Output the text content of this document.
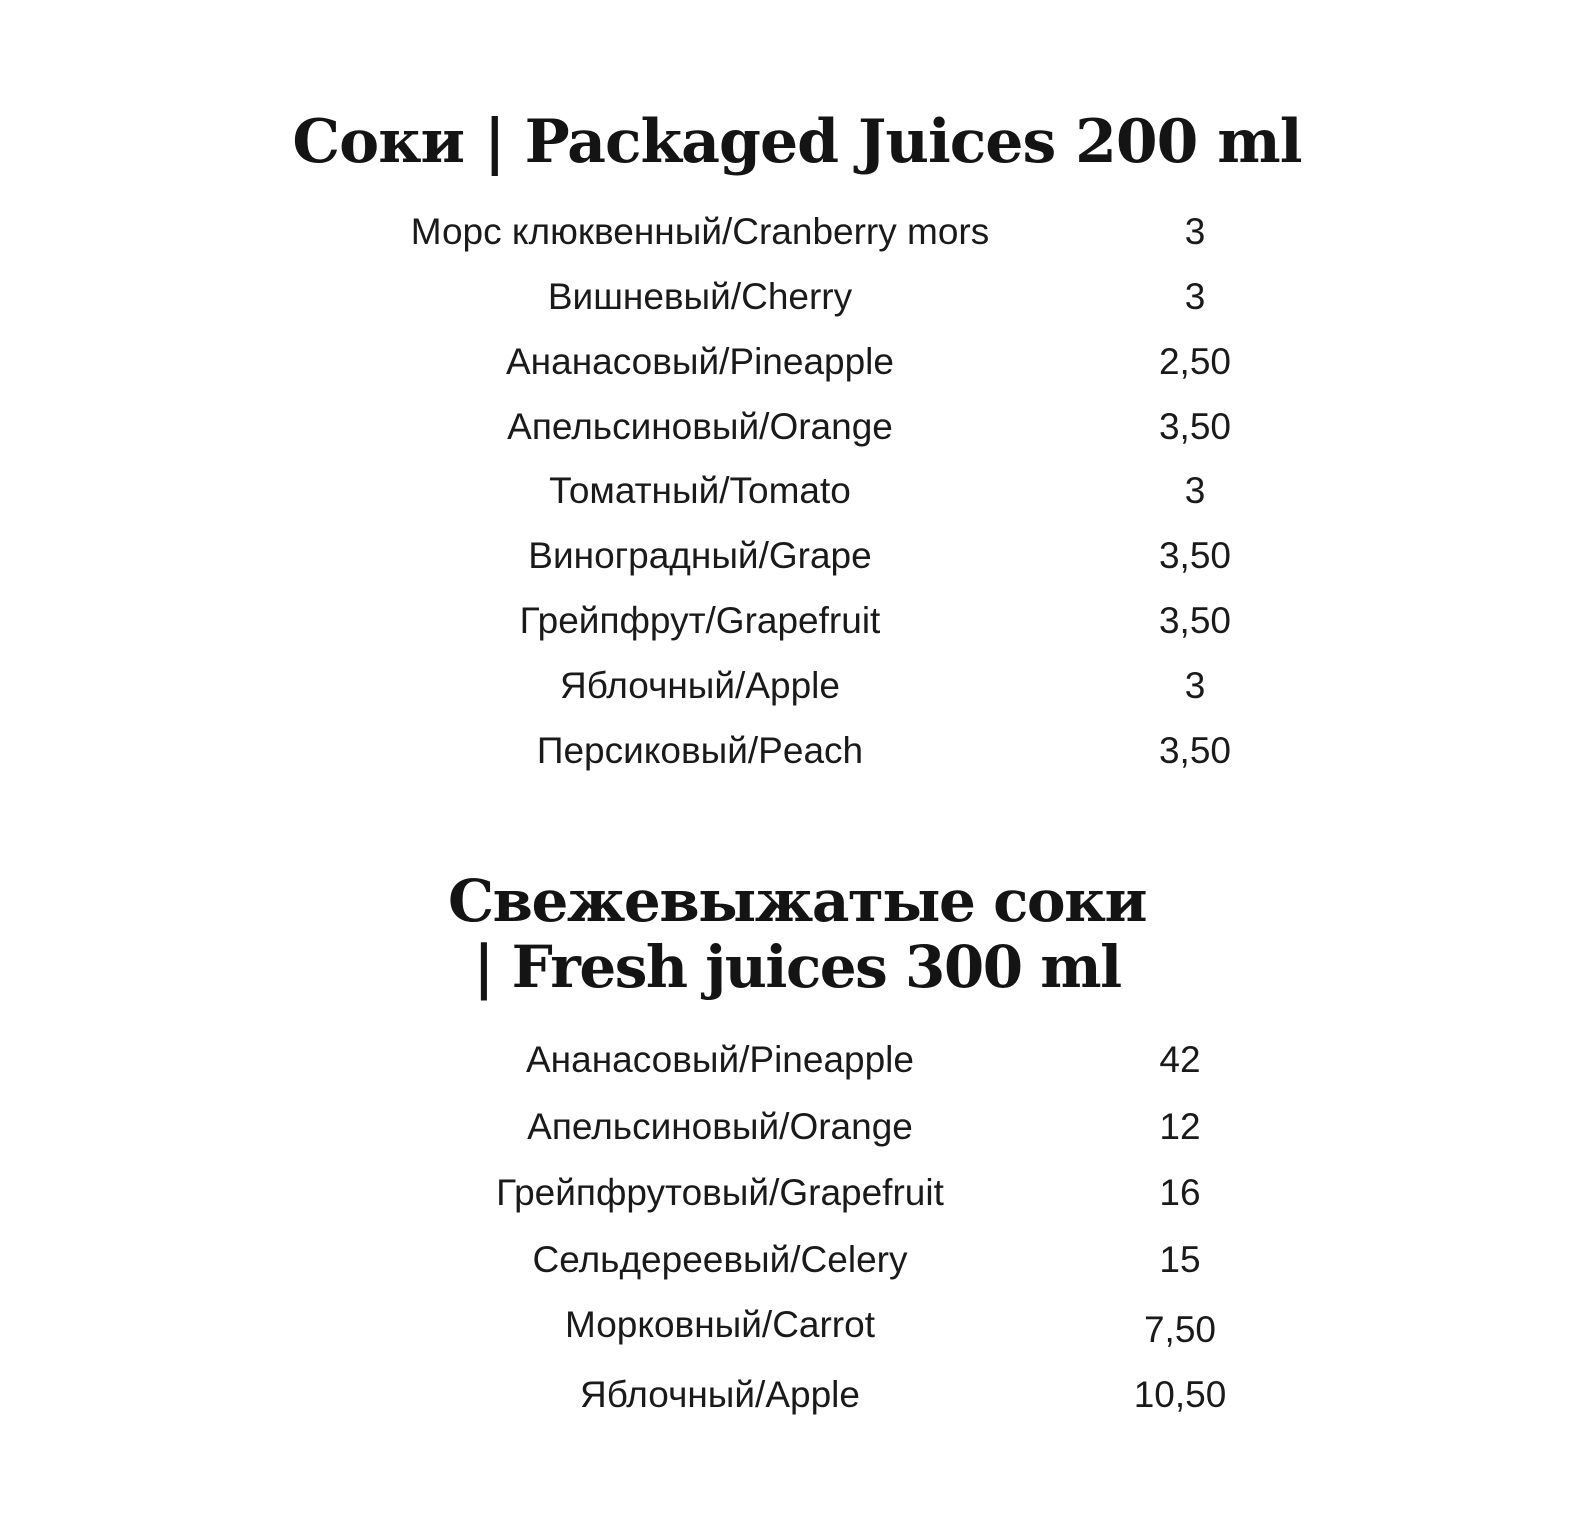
Соки | Packaged Juices 200 ml
Морс клюквенный/Cranberry mors	3
Вишневый/Cherry	3
Ананасовый/Pineapple	2,50
Апельсиновый/Orange	3,50
Томатный/Tomato	3
Виноградный/Grape	3,50
Грейпфрут/Grapefruit	3,50
Яблочный/Apple	3
Персиковый/Peach	3,50
Свежевыжатые соки
| Fresh juices 300 ml
Ананасовый/Pineapple	42
Апельсиновый/Orange	12
Грейпфрутовый/Grapefruit	16
Сельдереевый/Celery	15
Морковный/Carrot	7,50
Яблочный/Apple	10,50
